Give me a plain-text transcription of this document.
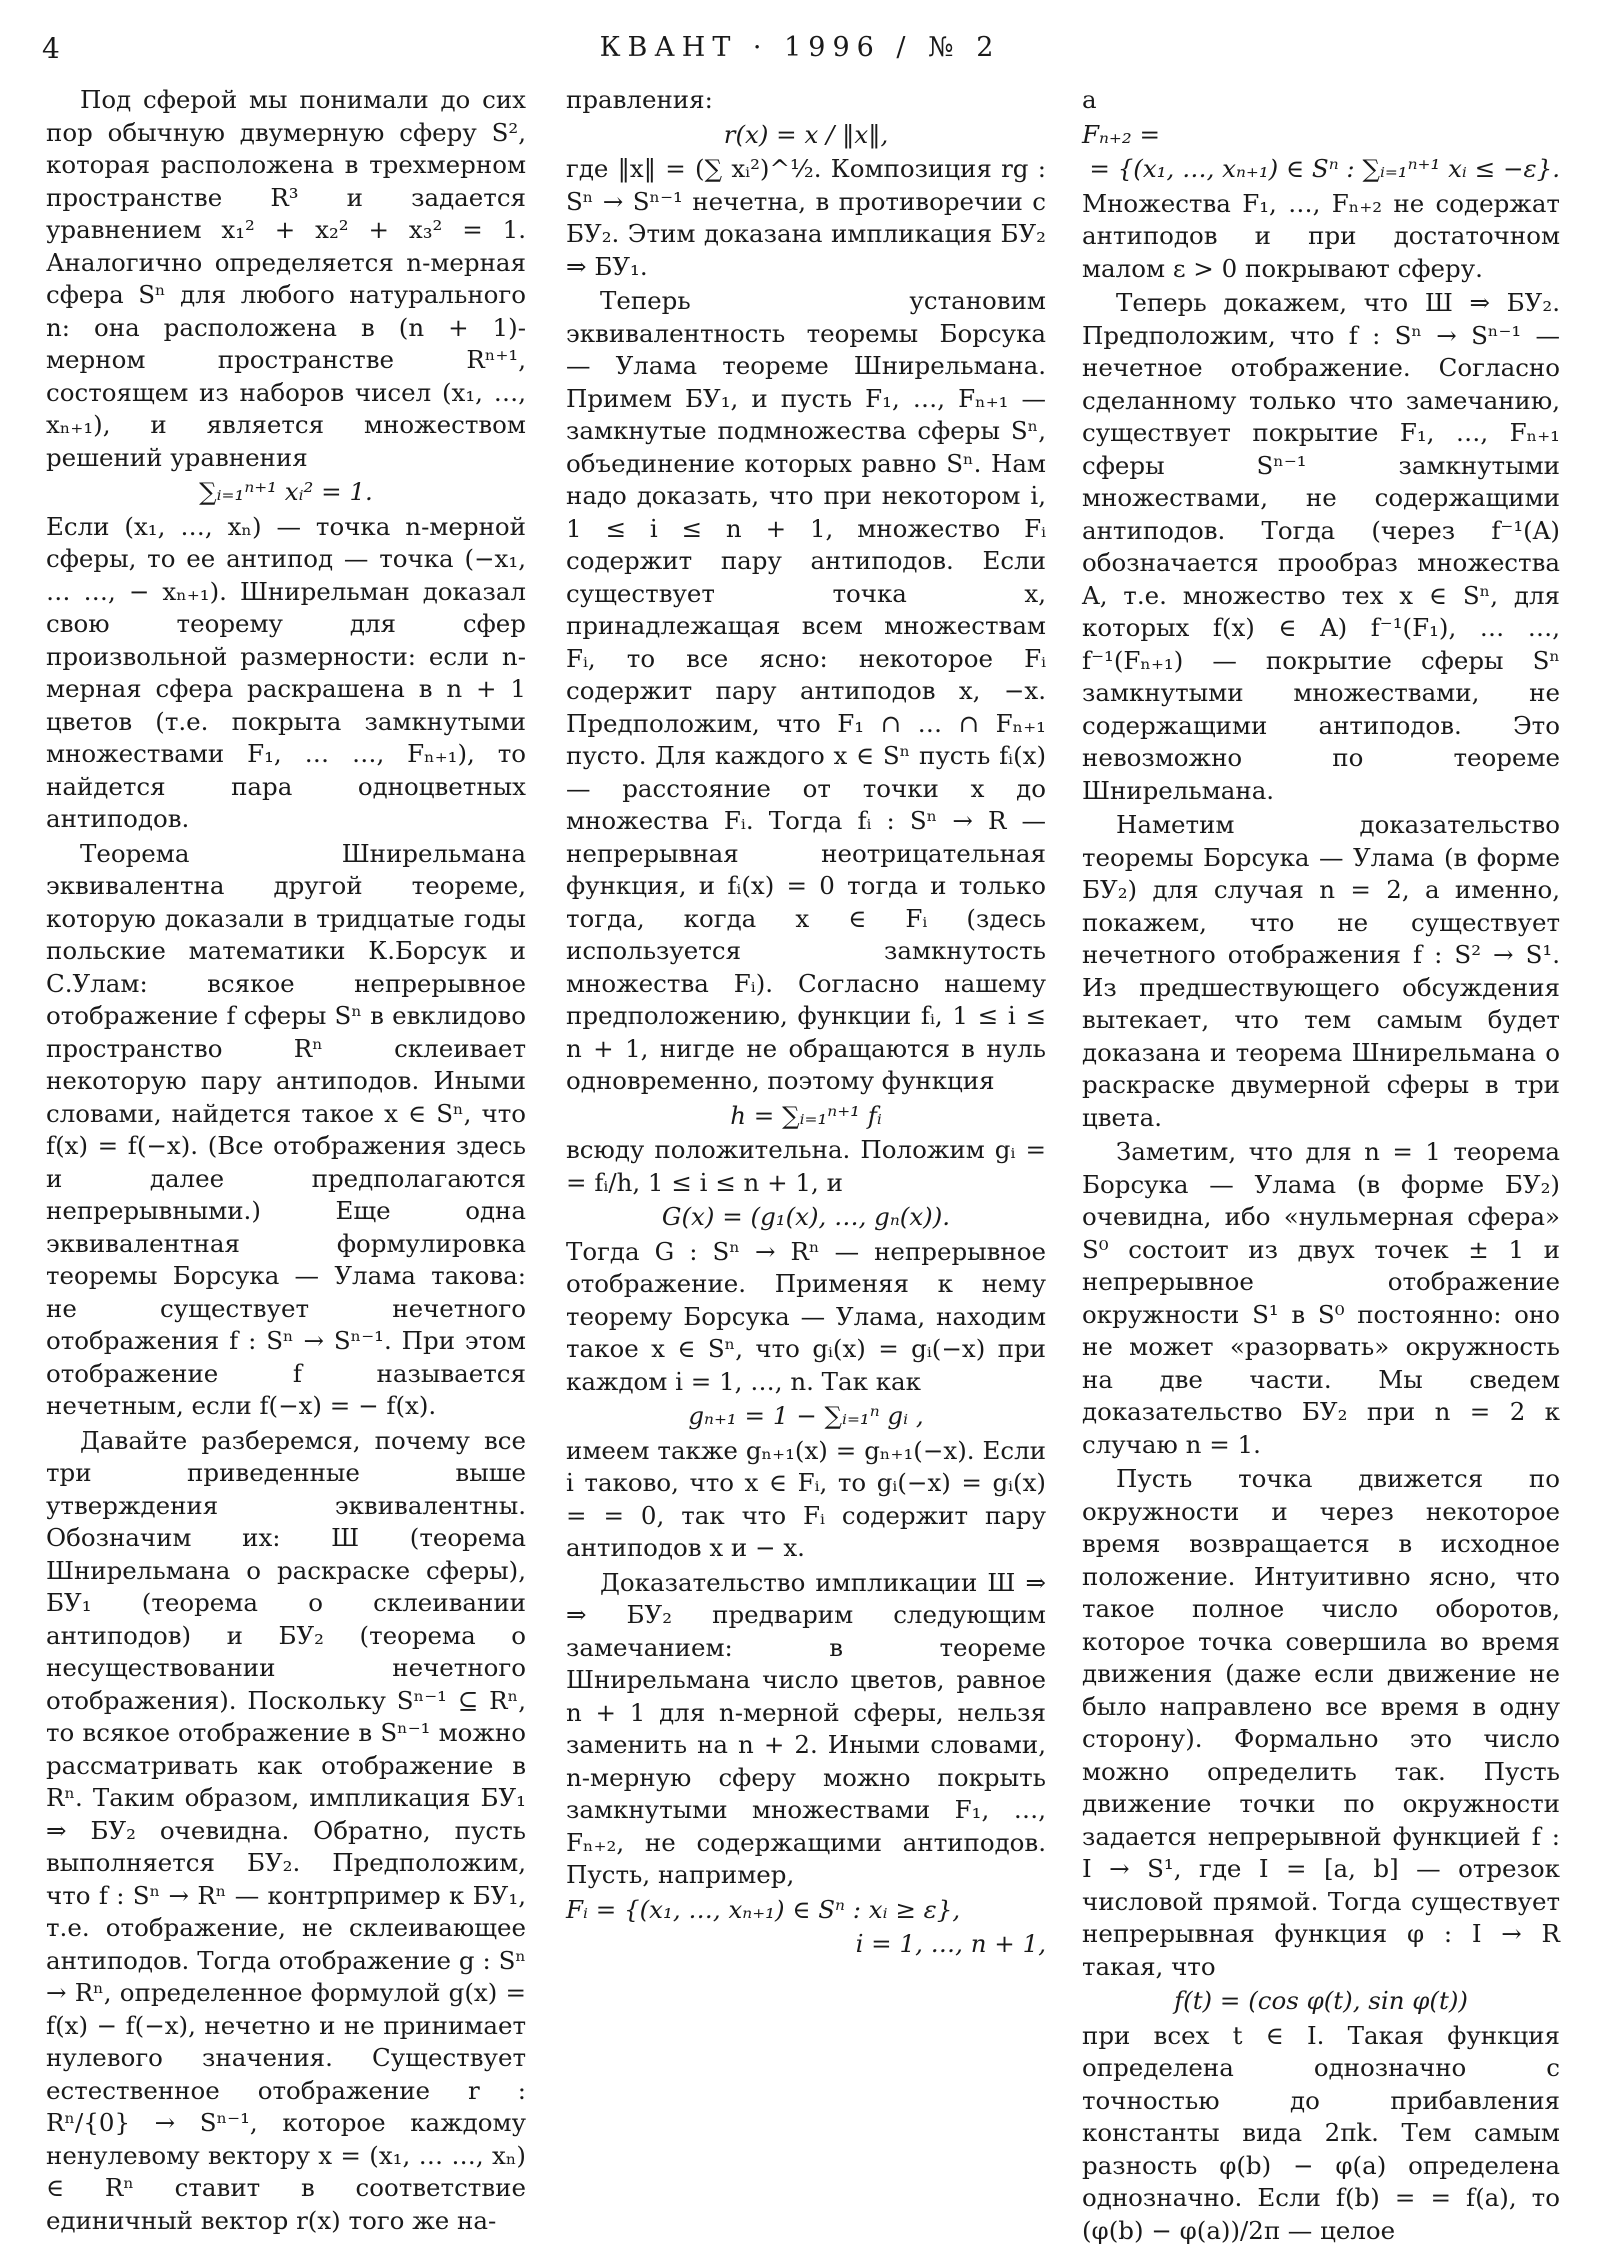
4	КВАНТ · 1996 / № 2

Под сферой мы понимали до сих пор обычную двумерную сферу S², которая расположена в трехмерном пространстве R³ и задается уравнением x₁² + x₂² + x₃² = 1. Аналогично определяется n-мерная сфера Sⁿ для любого натурального n: она расположена в (n + 1)-мерном пространстве Rⁿ⁺¹, состоящем из наборов чисел (x₁, …, xₙ₊₁), и является множеством решений уравнения

∑ᵢ₌₁ⁿ⁺¹ xᵢ² = 1.

Если (x₁, …, xₙ) — точка n-мерной сферы, то ее антипод — точка (−x₁, … …, − xₙ₊₁). Шнирельман доказал свою теорему для сфер произвольной размерности: если n-мерная сфера раскрашена в n + 1 цветов (т.е. покрыта замкнутыми множествами F₁, … …, Fₙ₊₁), то найдется пара одноцветных антиподов.

Теорема Шнирельмана эквивалентна другой теореме, которую доказали в тридцатые годы польские математики К.Борсук и С.Улам: всякое непрерывное отображение f сферы Sⁿ в евклидово пространство Rⁿ склеивает некоторую пару антиподов. Иными словами, найдется такое x ∈ Sⁿ, что f(x) = f(−x). (Все отображения здесь и далее предполагаются непрерывными.) Еще одна эквивалентная формулировка теоремы Борсука — Улама такова: не существует нечетного отображения f : Sⁿ → Sⁿ⁻¹. При этом отображение f называется нечетным, если f(−x) = − f(x).

Давайте разберемся, почему все три приведенные выше утверждения эквивалентны. Обозначим их: Ш (теорема Шнирельмана о раскраске сферы), БУ₁ (теорема о склеивании антиподов) и БУ₂ (теорема о несуществовании нечетного отображения). Поскольку Sⁿ⁻¹ ⊆ Rⁿ, то всякое отображение в Sⁿ⁻¹ можно рассматривать как отображение в Rⁿ. Таким образом, импликация БУ₁ ⇒ БУ₂ очевидна. Обратно, пусть выполняется БУ₂. Предположим, что f : Sⁿ → Rⁿ — контрпример к БУ₁, т.е. отображение, не склеивающее антиподов. Тогда отображение g : Sⁿ → Rⁿ, определенное формулой g(x) = f(x) − f(−x), нечетно и не принимает нулевого значения. Существует естественное отображение r : Rⁿ/{0} → Sⁿ⁻¹, которое каждому ненулевому вектору x = (x₁, … …, xₙ) ∈ Rⁿ ставит в соответствие единичный вектор r(x) того же на-

правления:

r(x) = x / ‖x‖,

где ‖x‖ = (∑ xᵢ²)^½. Композиция rg : Sⁿ → Sⁿ⁻¹ нечетна, в противоречии с БУ₂. Этим доказана импликация БУ₂ ⇒ БУ₁.

Теперь установим эквивалентность теоремы Борсука — Улама теореме Шнирельмана. Примем БУ₁, и пусть F₁, …, Fₙ₊₁ — замкнутые подмножества сферы Sⁿ, объединение которых равно Sⁿ. Нам надо доказать, что при некотором i, 1 ≤ i ≤ n + 1, множество Fᵢ содержит пару антиподов. Если существует точка x, принадлежащая всем множествам Fᵢ, то все ясно: некоторое Fᵢ содержит пару антиподов x, −x. Предположим, что F₁ ∩ … ∩ Fₙ₊₁ пусто. Для каждого x ∈ Sⁿ пусть fᵢ(x) — расстояние от точки x до множества Fᵢ. Тогда fᵢ : Sⁿ → R — непрерывная неотрицательная функция, и fᵢ(x) = 0 тогда и только тогда, когда x ∈ Fᵢ (здесь используется замкнутость множества Fᵢ). Согласно нашему предположению, функции fᵢ, 1 ≤ i ≤ n + 1, нигде не обращаются в нуль одновременно, поэтому функция

h = ∑ᵢ₌₁ⁿ⁺¹ fᵢ

всюду положительна. Положим gᵢ = = fᵢ/h, 1 ≤ i ≤ n + 1, и

G(x) = (g₁(x), …, gₙ(x)).

Тогда G : Sⁿ → Rⁿ — непрерывное отображение. Применяя к нему теорему Борсука — Улама, находим такое x ∈ Sⁿ, что gᵢ(x) = gᵢ(−x) при каждом i = 1, …, n. Так как

gₙ₊₁ = 1 − ∑ᵢ₌₁ⁿ gᵢ ,

имеем также gₙ₊₁(x) = gₙ₊₁(−x). Если i таково, что x ∈ Fᵢ, то gᵢ(−x) = gᵢ(x) = = 0, так что Fᵢ содержит пару антиподов x и − x.

Доказательство импликации Ш ⇒ ⇒ БУ₂ предварим следующим замечанием: в теореме Шнирельмана число цветов, равное n + 1 для n-мерной сферы, нельзя заменить на n + 2. Иными словами, n-мерную сферу можно покрыть замкнутыми множествами F₁, …, Fₙ₊₂, не содержащими антиподов. Пусть, например,

Fᵢ = {(x₁, …, xₙ₊₁) ∈ Sⁿ : xᵢ ≥ ε},

i = 1, …, n + 1,

а

Fₙ₊₂ =

= {(x₁, …, xₙ₊₁) ∈ Sⁿ : ∑ᵢ₌₁ⁿ⁺¹ xᵢ ≤ −ε}.

Множества F₁, …, Fₙ₊₂ не содержат антиподов и при достаточном малом ε > 0 покрывают сферу.

Теперь докажем, что Ш ⇒ БУ₂. Предположим, что f : Sⁿ → Sⁿ⁻¹ — нечетное отображение. Согласно сделанному только что замечанию, существует покрытие F₁, …, Fₙ₊₁ сферы Sⁿ⁻¹ замкнутыми множествами, не содержащими антиподов. Тогда (через f⁻¹(A) обозначается прообраз множества A, т.е. множество тех x ∈ Sⁿ, для которых f(x) ∈ A) f⁻¹(F₁), … …, f⁻¹(Fₙ₊₁) — покрытие сферы Sⁿ замкнутыми множествами, не содержащими антиподов. Это невозможно по теореме Шнирельмана.

Наметим доказательство теоремы Борсука — Улама (в форме БУ₂) для случая n = 2, а именно, покажем, что не существует нечетного отображения f : S² → S¹. Из предшествующего обсуждения вытекает, что тем самым будет доказана и теорема Шнирельмана о раскраске двумерной сферы в три цвета.

Заметим, что для n = 1 теорема Борсука — Улама (в форме БУ₂) очевидна, ибо «нульмерная сфера» S⁰ состоит из двух точек ± 1 и непрерывное отображение окружности S¹ в S⁰ постоянно: оно не может «разорвать» окружность на две части. Мы сведем доказательство БУ₂ при n = 2 к случаю n = 1.

Пусть точка движется по окружности и через некоторое время возвращается в исходное положение. Интуитивно ясно, что такое полное число оборотов, которое точка совершила во время движения (даже если движение не было направлено все время в одну сторону). Формально это число можно определить так. Пусть движение точки по окружности задается непрерывной функцией f : I → S¹, где I = [a, b] — отрезок числовой прямой. Тогда существует непрерывная функция φ : I → R такая, что

f(t) = (cos φ(t), sin φ(t))

при всех t ∈ I. Такая функция определена однозначно с точностью до прибавления константы вида 2πk. Тем самым разность φ(b) − φ(a) определена однозначно. Если f(b) = = f(a), то (φ(b) − φ(a))/2π — целое
